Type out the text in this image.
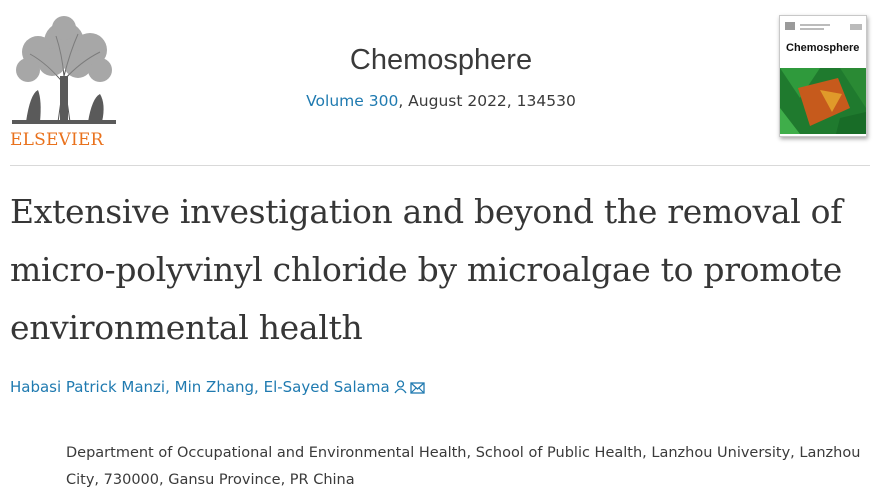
ELSEVIER
Chemosphere
Volume 300, August 2022, 134530
Chemosphere
Extensive investigation and beyond the removal of micro-polyvinyl chloride by microalgae to promote environmental health
Habasi Patrick Manzi, Min Zhang, El-Sayed Salama

Department of Occupational and Environmental Health, School of Public Health, Lanzhou University, Lanzhou City, 730000, Gansu Province, PR China
